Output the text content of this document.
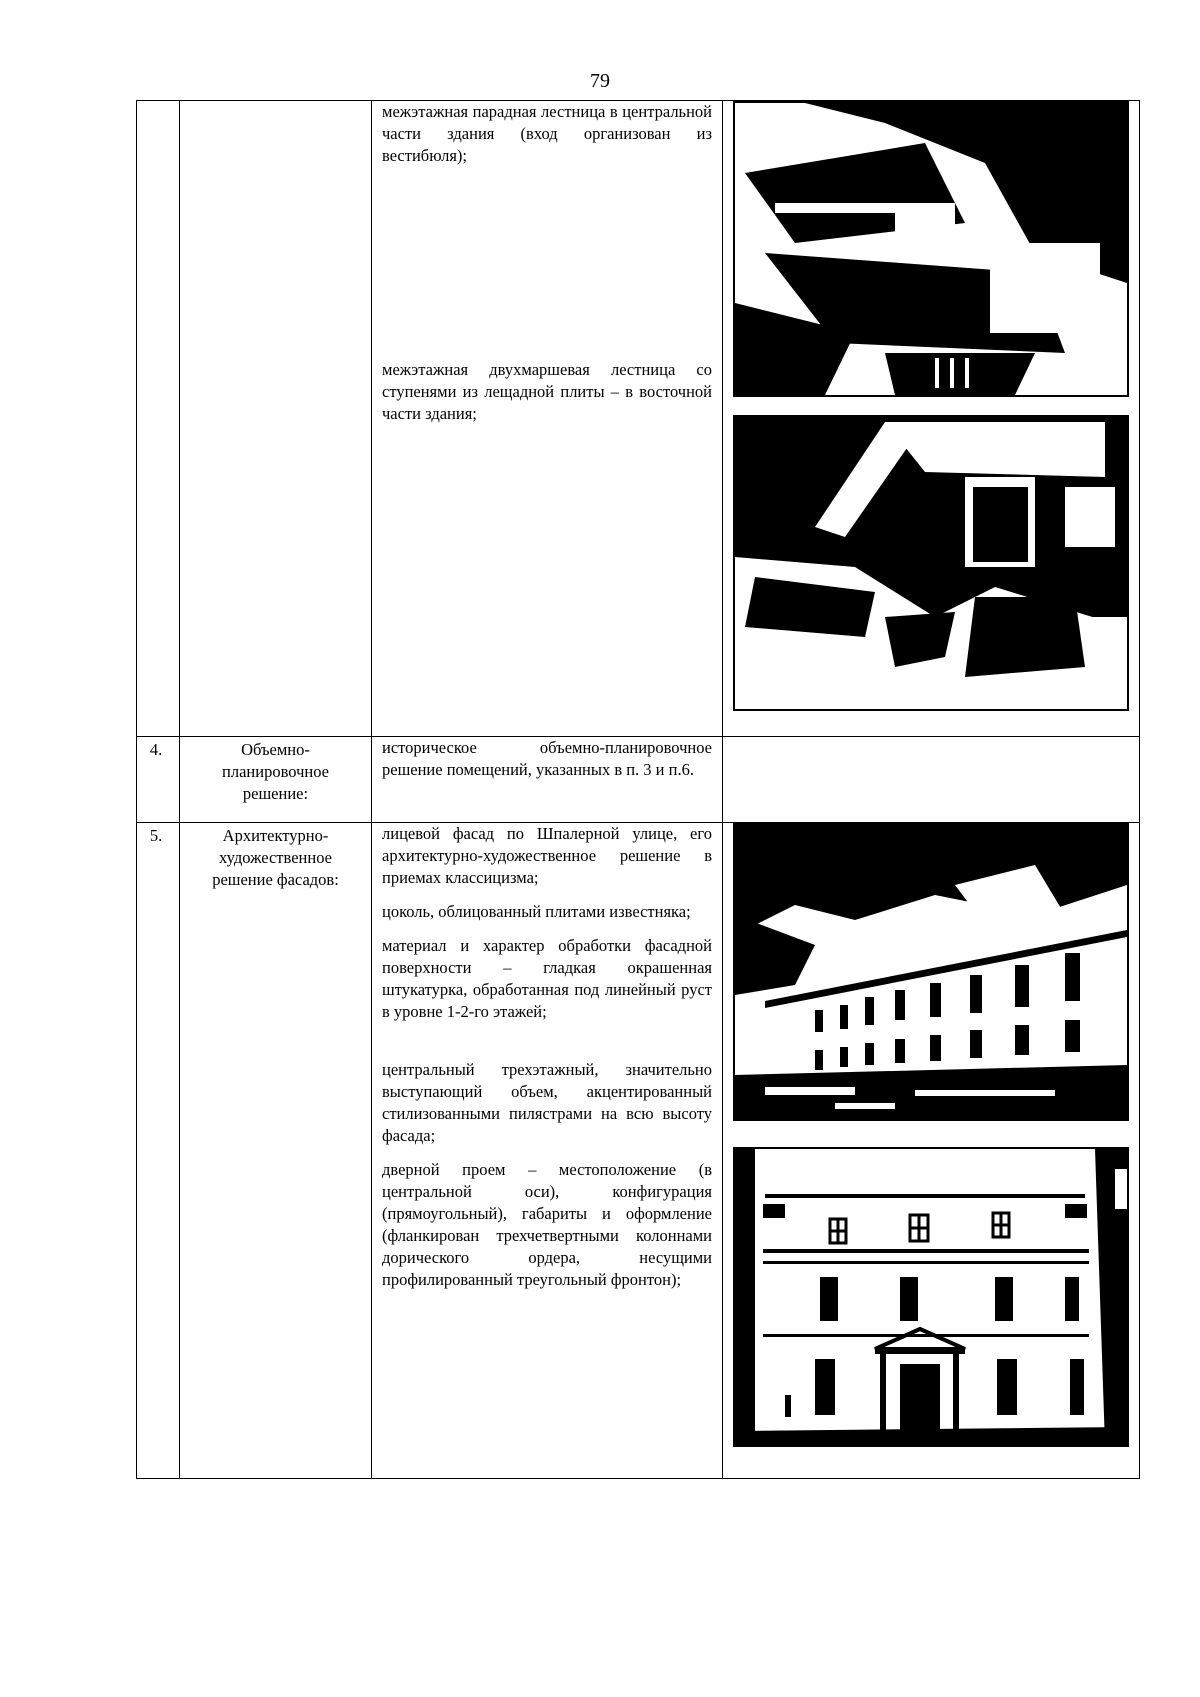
79

		межэтажная парадная лестница в центральной части здания (вход организован из вестибюля);

межэтажная двухмаршевая лестница со ступенями из лещадной плиты – в восточной части здания;

4.	Объемно-планировочное решение:	историческое объемно-планировочное решение помещений, указанных в п. 3 и п.6.	

5.	Архитектурно-художественное решение фасадов:	лицевой фасад по Шпалерной улице, его архитектурно-художественное решение в приемах классицизма;

цоколь, облицованный плитами известняка;

материал и характер обработки фасадной поверхности – гладкая окрашенная штукатурка, обработанная под линейный руст в уровне 1-2-го этажей;

центральный трехэтажный, значительно выступающий объем, акцентированный стилизованными пилястрами на всю высоту фасада;

дверной проем – местоположение (в центральной оси), конфигурация (прямоугольный), габариты и оформление (фланкирован трехчетвертными колоннами дорического ордера, несущими профилированный треугольный фронтон);
